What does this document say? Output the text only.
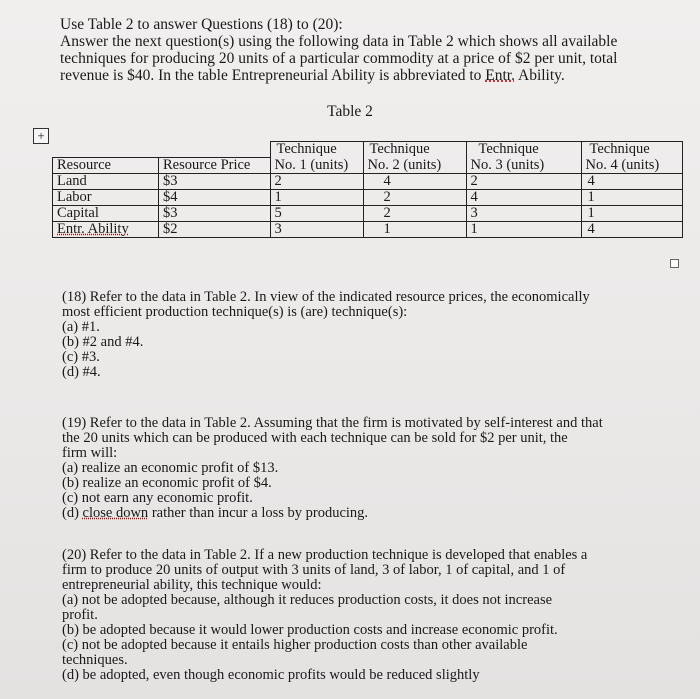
Use Table 2 to answer Questions (18) to (20):

Answer the next question(s) using the following data in Table 2 which shows all available

techniques for producing 20 units of a particular commodity at a price of $2 per unit, total

revenue is $40. In the table Entrepreneurial Ability is abbreviated to Entr. Ability.

Table 2
+
		Technique	Technique	Technique	Technique
Resource	Resource Price	No. 1 (units)	No. 2 (units)	No. 3 (units)	No. 4 (units)
Land	$3	2	4	2	4
Labor	$4	1	2	4	1
Capital	$3	5	2	3	1
Entr. Ability	$2	3	1	1	4

(18) Refer to the data in Table 2. In view of the indicated resource prices, the economically

most efficient production technique(s) is (are) technique(s):

(a) #1.

(b) #2 and #4.

(c) #3.

(d) #4.

(19) Refer to the data in Table 2. Assuming that the firm is motivated by self-interest and that

the 20 units which can be produced with each technique can be sold for $2 per unit, the

firm will:

(a) realize an economic profit of $13.

(b) realize an economic profit of $4.

(c) not earn any economic profit.

(d) close down rather than incur a loss by producing.

(20) Refer to the data in Table 2. If a new production technique is developed that enables a

firm to produce 20 units of output with 3 units of land, 3 of labor, 1 of capital, and 1 of

entrepreneurial ability, this technique would:

(a) not be adopted because, although it reduces production costs, it does not increase

profit.

(b) be adopted because it would lower production costs and increase economic profit.

(c) not be adopted because it entails higher production costs than other available

techniques.

(d) be adopted, even though economic profits would be reduced slightly
